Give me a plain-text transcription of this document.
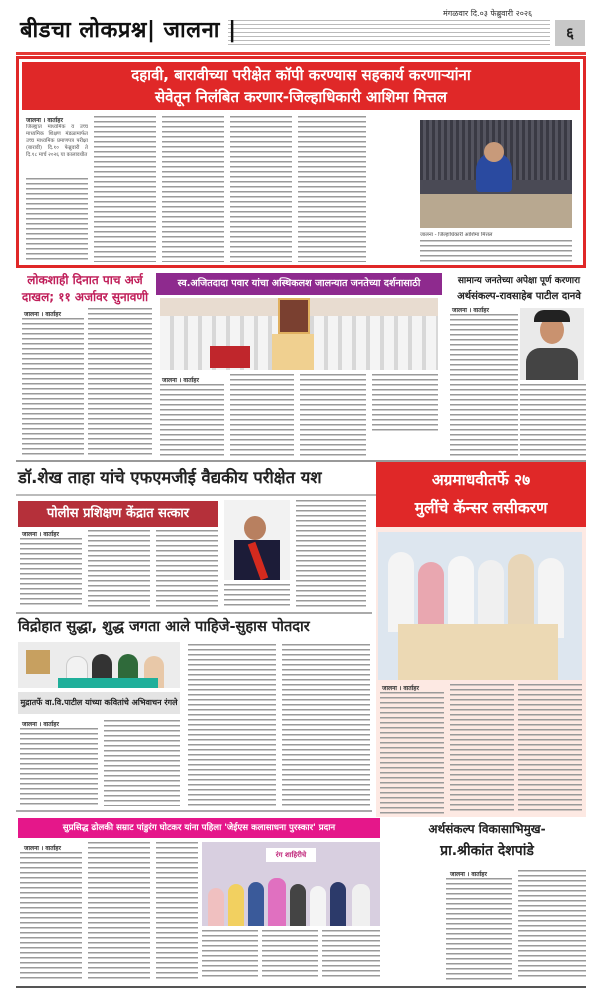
बीडचा लोकप्रश्न| जालना |
मंगळवार दि.०३ फेब्रुवारी २०२६
६
दहावी, बारावीच्या परीक्षेत कॉपी करण्यास सहकार्य करणाऱ्यांना
सेवेतून निलंबित करणार-जिल्हाधिकारी आशिमा मित्तल
जालना । वार्ताहर
जिल्ह्यात माध्यमिक व उच्च माध्यमिक शिक्षण मंडळामार्फत उच्च माध्यमिक प्रमाणपत्र परीक्षा (बारावी) दि.१० फेब्रुवारी ते दि.१८ मार्च २०२६ या कालावधीत
जालना - जिल्हाधिकारी आशिमा मित्तल
लोकशाही दिनात पाच अर्ज
दाखल; ११ अर्जावर सुनावणी
जालना । वार्ताहर
स्व.अजितदादा पवार यांचा अस्थिकलश जालन्यात जनतेच्या दर्शनासाठी
जालना । वार्ताहर
सामान्य जनतेच्या अपेक्षा पूर्ण करणारा
अर्थसंकल्प-रावसाहेब पाटील दानवे
जालना । वार्ताहर
डॉ.शेख ताहा यांचे एफएमजीई वैद्यकीय परीक्षेत यश
पोलीस प्रशिक्षण केंद्रात सत्कार
जालना । वार्ताहर
अग्रमाधवीतर्फे २७
मुलींचे कॅन्सर लसीकरण
जालना । वार्ताहर
विद्रोहात सुद्धा, शुद्ध जगता आले पाहिजे-सुहास पोतदार
मुद्रातर्फे वा.वि.पाटील यांच्या कवितांचे अभिवाचन रंगले
जालना । वार्ताहर
सुप्रसिद्ध ढोलकी सम्राट पांडुरंग घोटकर यांना पहिला 'जेईएस कलासाधना पुरस्कार' प्रदान
जालना । वार्ताहर
रंग शाहिरीचे
अर्थसंकल्प विकासाभिमुख-
प्रा.श्रीकांत देशपांडे
जालना । वार्ताहर
